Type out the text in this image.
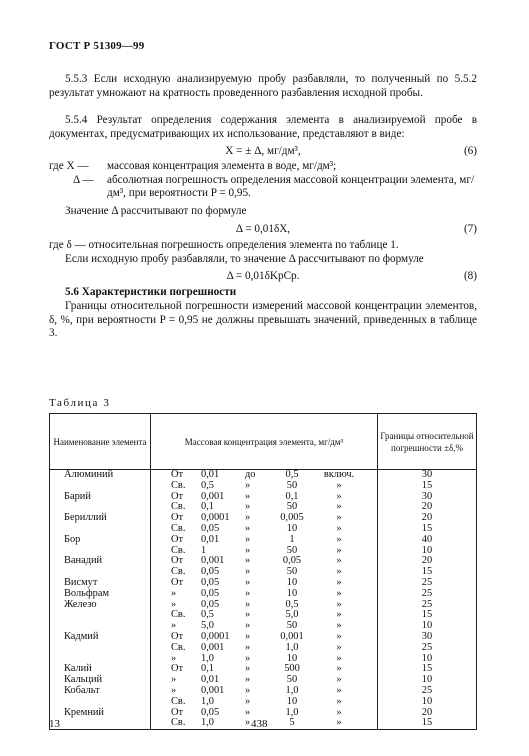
ГОСТ Р 51309—99
5.5.3 Если исходную анализируемую пробу разбавляли, то полученный по 5.5.2 результат умножают на кратность проведенного разбавления исходной пробы.
5.5.4 Результат определения содержания элемента в анализируемой пробе в документах, предусматривающих их использование, представляют в виде:
X = ± Δ, мг/дм³,	(6)
где X — массовая концентрация элемента в воде, мг/дм³;
Δ — абсолютная погрешность определения массовой концентрации элемента, мг/дм³, при вероятности P = 0,95.
Значение Δ рассчитывают по формуле
Δ = 0,01δX,	(7)
где δ — относительная погрешность определения элемента по таблице 1.
Если исходную пробу разбавляли, то значение Δ рассчитывают по формуле
Δ = 0,01δKpCp.	(8)
5.6 Характеристики погрешности
Границы относительной погрешности измерений массовой концентрации элементов, δ, %, при вероятности P = 0,95 не должны превышать значений, приведенных в таблице 3.
Таблица 3
Наименование элемента	Массовая концентрация элемента, мг/дм³	Границы относительной погрешности ±δ,%
Алюминий	От 0,01 до 0,5 включ.	30
	Св. 0,5 » 50 »	15
Барий	От 0,001 » 0,1 »	30
	Св. 0,1 » 50 »	20
Бериллий	От 0,0001 » 0,005 »	20
	Св. 0,05 » 10 »	15
Бор	От 0,01 » 1 »	40
	Св. 1 » 50 »	10
Ванадий	От 0,001 » 0,05 »	20
	Св. 0,05 » 50 »	15
Висмут	От 0,05 » 10 »	25
Вольфрам	» 0,05 » 10 »	25
Железо	» 0,05 » 0,5 »	25
	Св. 0,5 » 5,0 »	15
	» 5,0 » 50 »	10
Кадмий	От 0,0001 » 0,001 »	30
	Св. 0,001 » 1,0 »	25
	» 1,0 » 10 »	10
Калий	От 0,1 » 500 »	15
Кальций	» 0,01 » 50 »	10
Кобальт	» 0,001 » 1,0 »	25
	Св. 1,0 » 10 »	10
Кремний	От 0,05 » 1,0 »	20
	Св. 1,0 » 5 »	15
13	438
